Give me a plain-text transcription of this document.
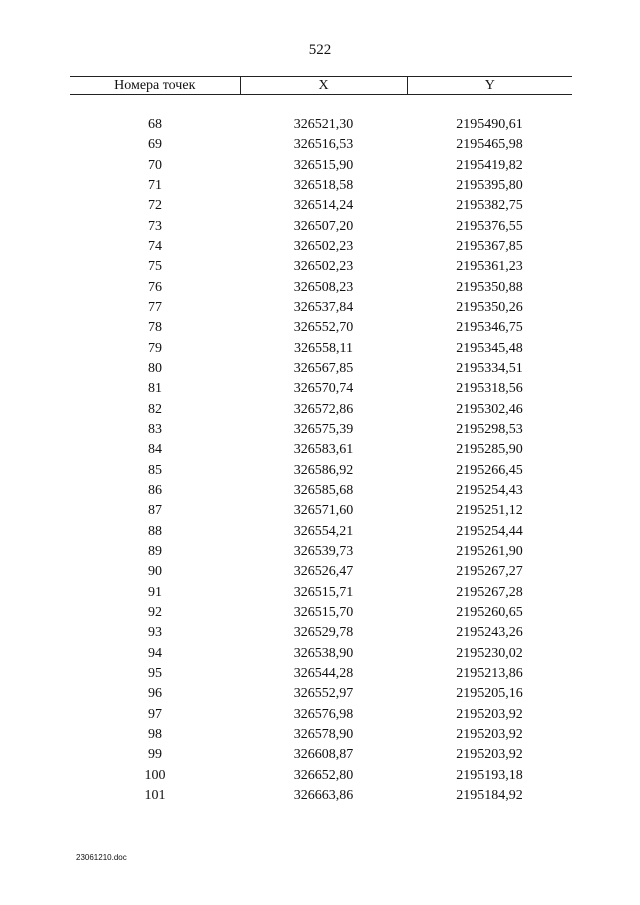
522
Номера точек	X	Y

68	326521,30	2195490,61
69	326516,53	2195465,98
70	326515,90	2195419,82
71	326518,58	2195395,80
72	326514,24	2195382,75
73	326507,20	2195376,55
74	326502,23	2195367,85
75	326502,23	2195361,23
76	326508,23	2195350,88
77	326537,84	2195350,26
78	326552,70	2195346,75
79	326558,11	2195345,48
80	326567,85	2195334,51
81	326570,74	2195318,56
82	326572,86	2195302,46
83	326575,39	2195298,53
84	326583,61	2195285,90
85	326586,92	2195266,45
86	326585,68	2195254,43
87	326571,60	2195251,12
88	326554,21	2195254,44
89	326539,73	2195261,90
90	326526,47	2195267,27
91	326515,71	2195267,28
92	326515,70	2195260,65
93	326529,78	2195243,26
94	326538,90	2195230,02
95	326544,28	2195213,86
96	326552,97	2195205,16
97	326576,98	2195203,92
98	326578,90	2195203,92
99	326608,87	2195203,92
100	326652,80	2195193,18
101	326663,86	2195184,92
23061210.doc
